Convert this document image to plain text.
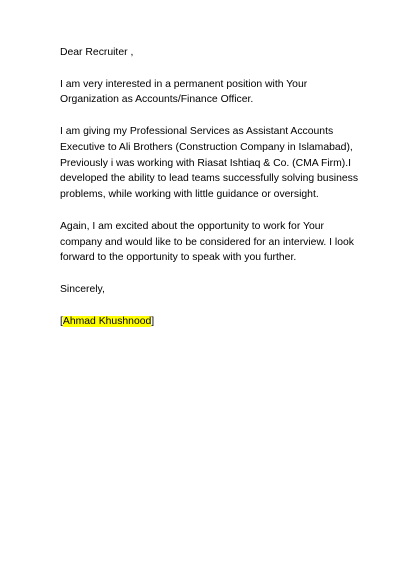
Dear Recruiter ,

I am very interested in a permanent position with Your Organization as Accounts/Finance Officer.

I am giving my Professional Services as Assistant Accounts Executive to Ali Brothers (Construction Company in Islamabad), Previously i was working with Riasat Ishtiaq & Co. (CMA Firm).I developed the ability to lead teams successfully solving business problems, while working with little guidance or oversight.

Again, I am excited about the opportunity to work for Your company and would like to be considered for an interview. I look forward to the opportunity to speak with you further.

Sincerely,

[Ahmad Khushnood]
